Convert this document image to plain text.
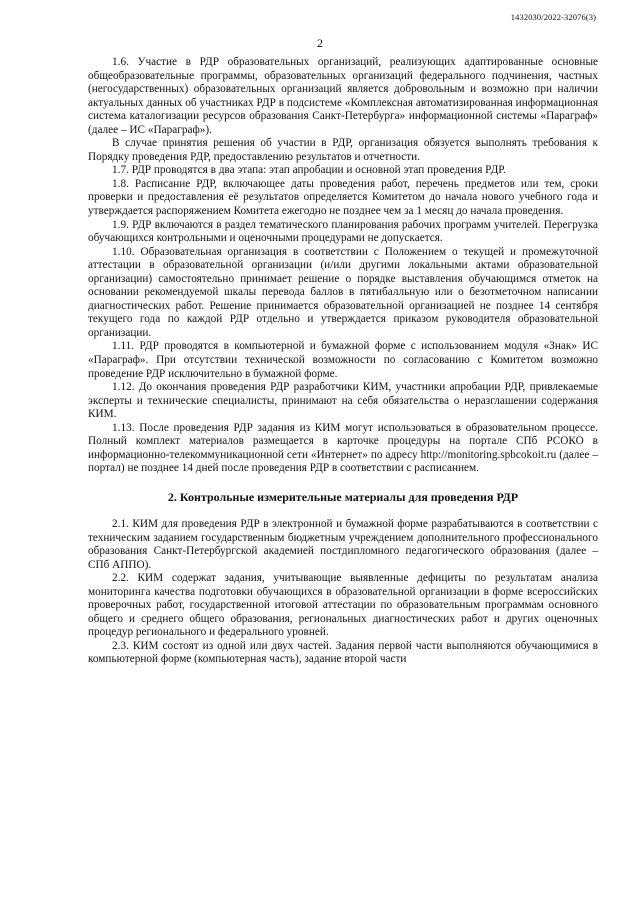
1432030/2022-32076(3)
2

1.6. Участие в РДР образовательных организаций, реализующих адаптированные основные общеобразовательные программы, образовательных организаций федерального подчинения, частных (негосударственных) образовательных организаций является добровольным и возможно при наличии актуальных данных об участниках РДР в подсистеме «Комплексная автоматизированная информационная система каталогизации ресурсов образования Санкт-Петербурга» информационной системы «Параграф» (далее – ИС «Параграф»).

В случае принятия решения об участии в РДР, организация обязуется выполнять требования к Порядку проведения РДР, предоставлению результатов и отчетности.

1.7. РДР проводятся в два этапа: этап апробации и основной этап проведения РДР.

1.8. Расписание РДР, включающее даты проведения работ, перечень предметов или тем, сроки проверки и предоставления её результатов определяется Комитетом до начала нового учебного года и утверждается распоряжением Комитета ежегодно не позднее чем за 1 месяц до начала проведения.

1.9. РДР включаются в раздел тематического планирования рабочих программ учителей. Перегрузка обучающихся контрольными и оценочными процедурами не допускается.

1.10. Образовательная организация в соответствии с Положением о текущей и промежуточной аттестации в образовательной организации (и/или другими локальными актами образовательной организации) самостоятельно принимает решение о порядке выставления обучающимся отметок на основании рекомендуемой шкалы перевода баллов в пятибалльную или о безотметочном написании диагностических работ. Решение принимается образовательной организацией не позднее 14 сентября текущего года по каждой РДР отдельно и утверждается приказом руководителя образовательной организации.

1.11. РДР проводятся в компьютерной и бумажной форме с использованием модуля «Знак» ИС «Параграф». При отсутствии технической возможности по согласованию с Комитетом возможно проведение РДР исключительно в бумажной форме.

1.12. До окончания проведения РДР разработчики КИМ, участники апробации РДР, привлекаемые эксперты и технические специалисты, принимают на себя обязательства о неразглашении содержания КИМ.

1.13. После проведения РДР задания из КИМ могут использоваться в образовательном процессе. Полный комплект материалов размещается в карточке процедуры на портале СПб РСОКО в информационно-телекоммуникационной сети «Интернет» по адресу http://monitoring.spbcokoit.ru (далее – портал) не позднее 14 дней после проведения РДР в соответствии с расписанием.

2. Контрольные измерительные материалы для проведения РДР

2.1. КИМ для проведения РДР в электронной и бумажной форме разрабатываются в соответствии с техническим заданием государственным бюджетным учреждением дополнительного профессионального образования Санкт-Петербургской академией постдипломного педагогического образования (далее – СПб АППО).

2.2. КИМ содержат задания, учитывающие выявленные дефициты по результатам анализа мониторинга качества подготовки обучающихся в образовательной организации в форме всероссийских проверочных работ, государственной итоговой аттестации по образовательным программам основного общего и среднего общего образования, региональных диагностических работ и других оценочных процедур регионального и федерального уровней.

2.3. КИМ состоят из одной или двух частей. Задания первой части выполняются обучающимися в компьютерной форме (компьютерная часть), задание второй части
